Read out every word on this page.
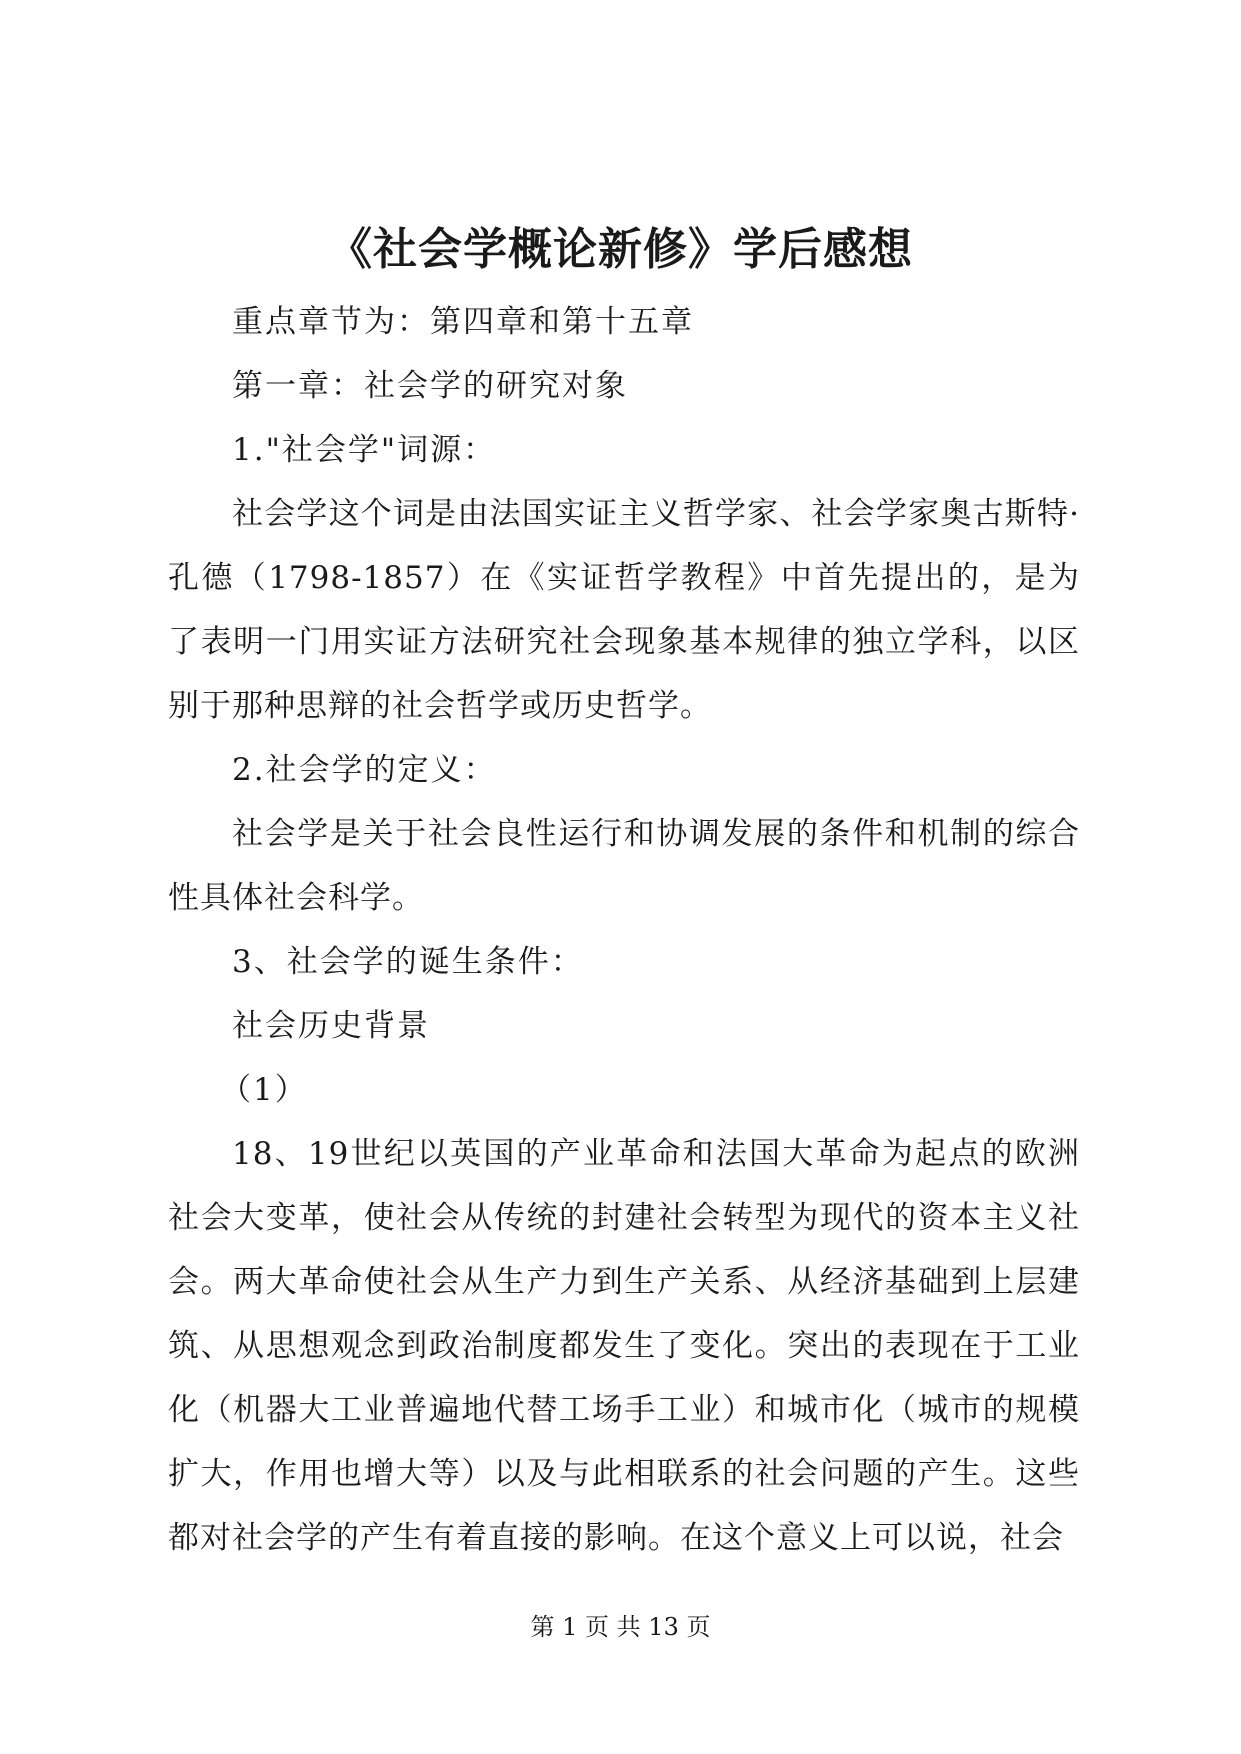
《社会学概论新修》学后感想

重点章节为：第四章和第十五章

第一章：社会学的研究对象

1."社会学"词源：

社会学这个词是由法国实证主义哲学家、社会学家奥古斯特·孔德（1798-1857）在《实证哲学教程》中首先提出的，是为了表明一门用实证方法研究社会现象基本规律的独立学科，以区别于那种思辩的社会哲学或历史哲学。

2.社会学的定义：

社会学是关于社会良性运行和协调发展的条件和机制的综合性具体社会科学。

3、社会学的诞生条件：

社会历史背景

（1）

18、19世纪以英国的产业革命和法国大革命为起点的欧洲社会大变革，使社会从传统的封建社会转型为现代的资本主义社会。两大革命使社会从生产力到生产关系、从经济基础到上层建筑、从思想观念到政治制度都发生了变化。突出的表现在于工业化（机器大工业普遍地代替工场手工业）和城市化（城市的规模扩大，作用也增大等）以及与此相联系的社会问题的产生。这些都对社会学的产生有着直接的影响。在这个意义上可以说，社会

第 1 页 共 13 页
